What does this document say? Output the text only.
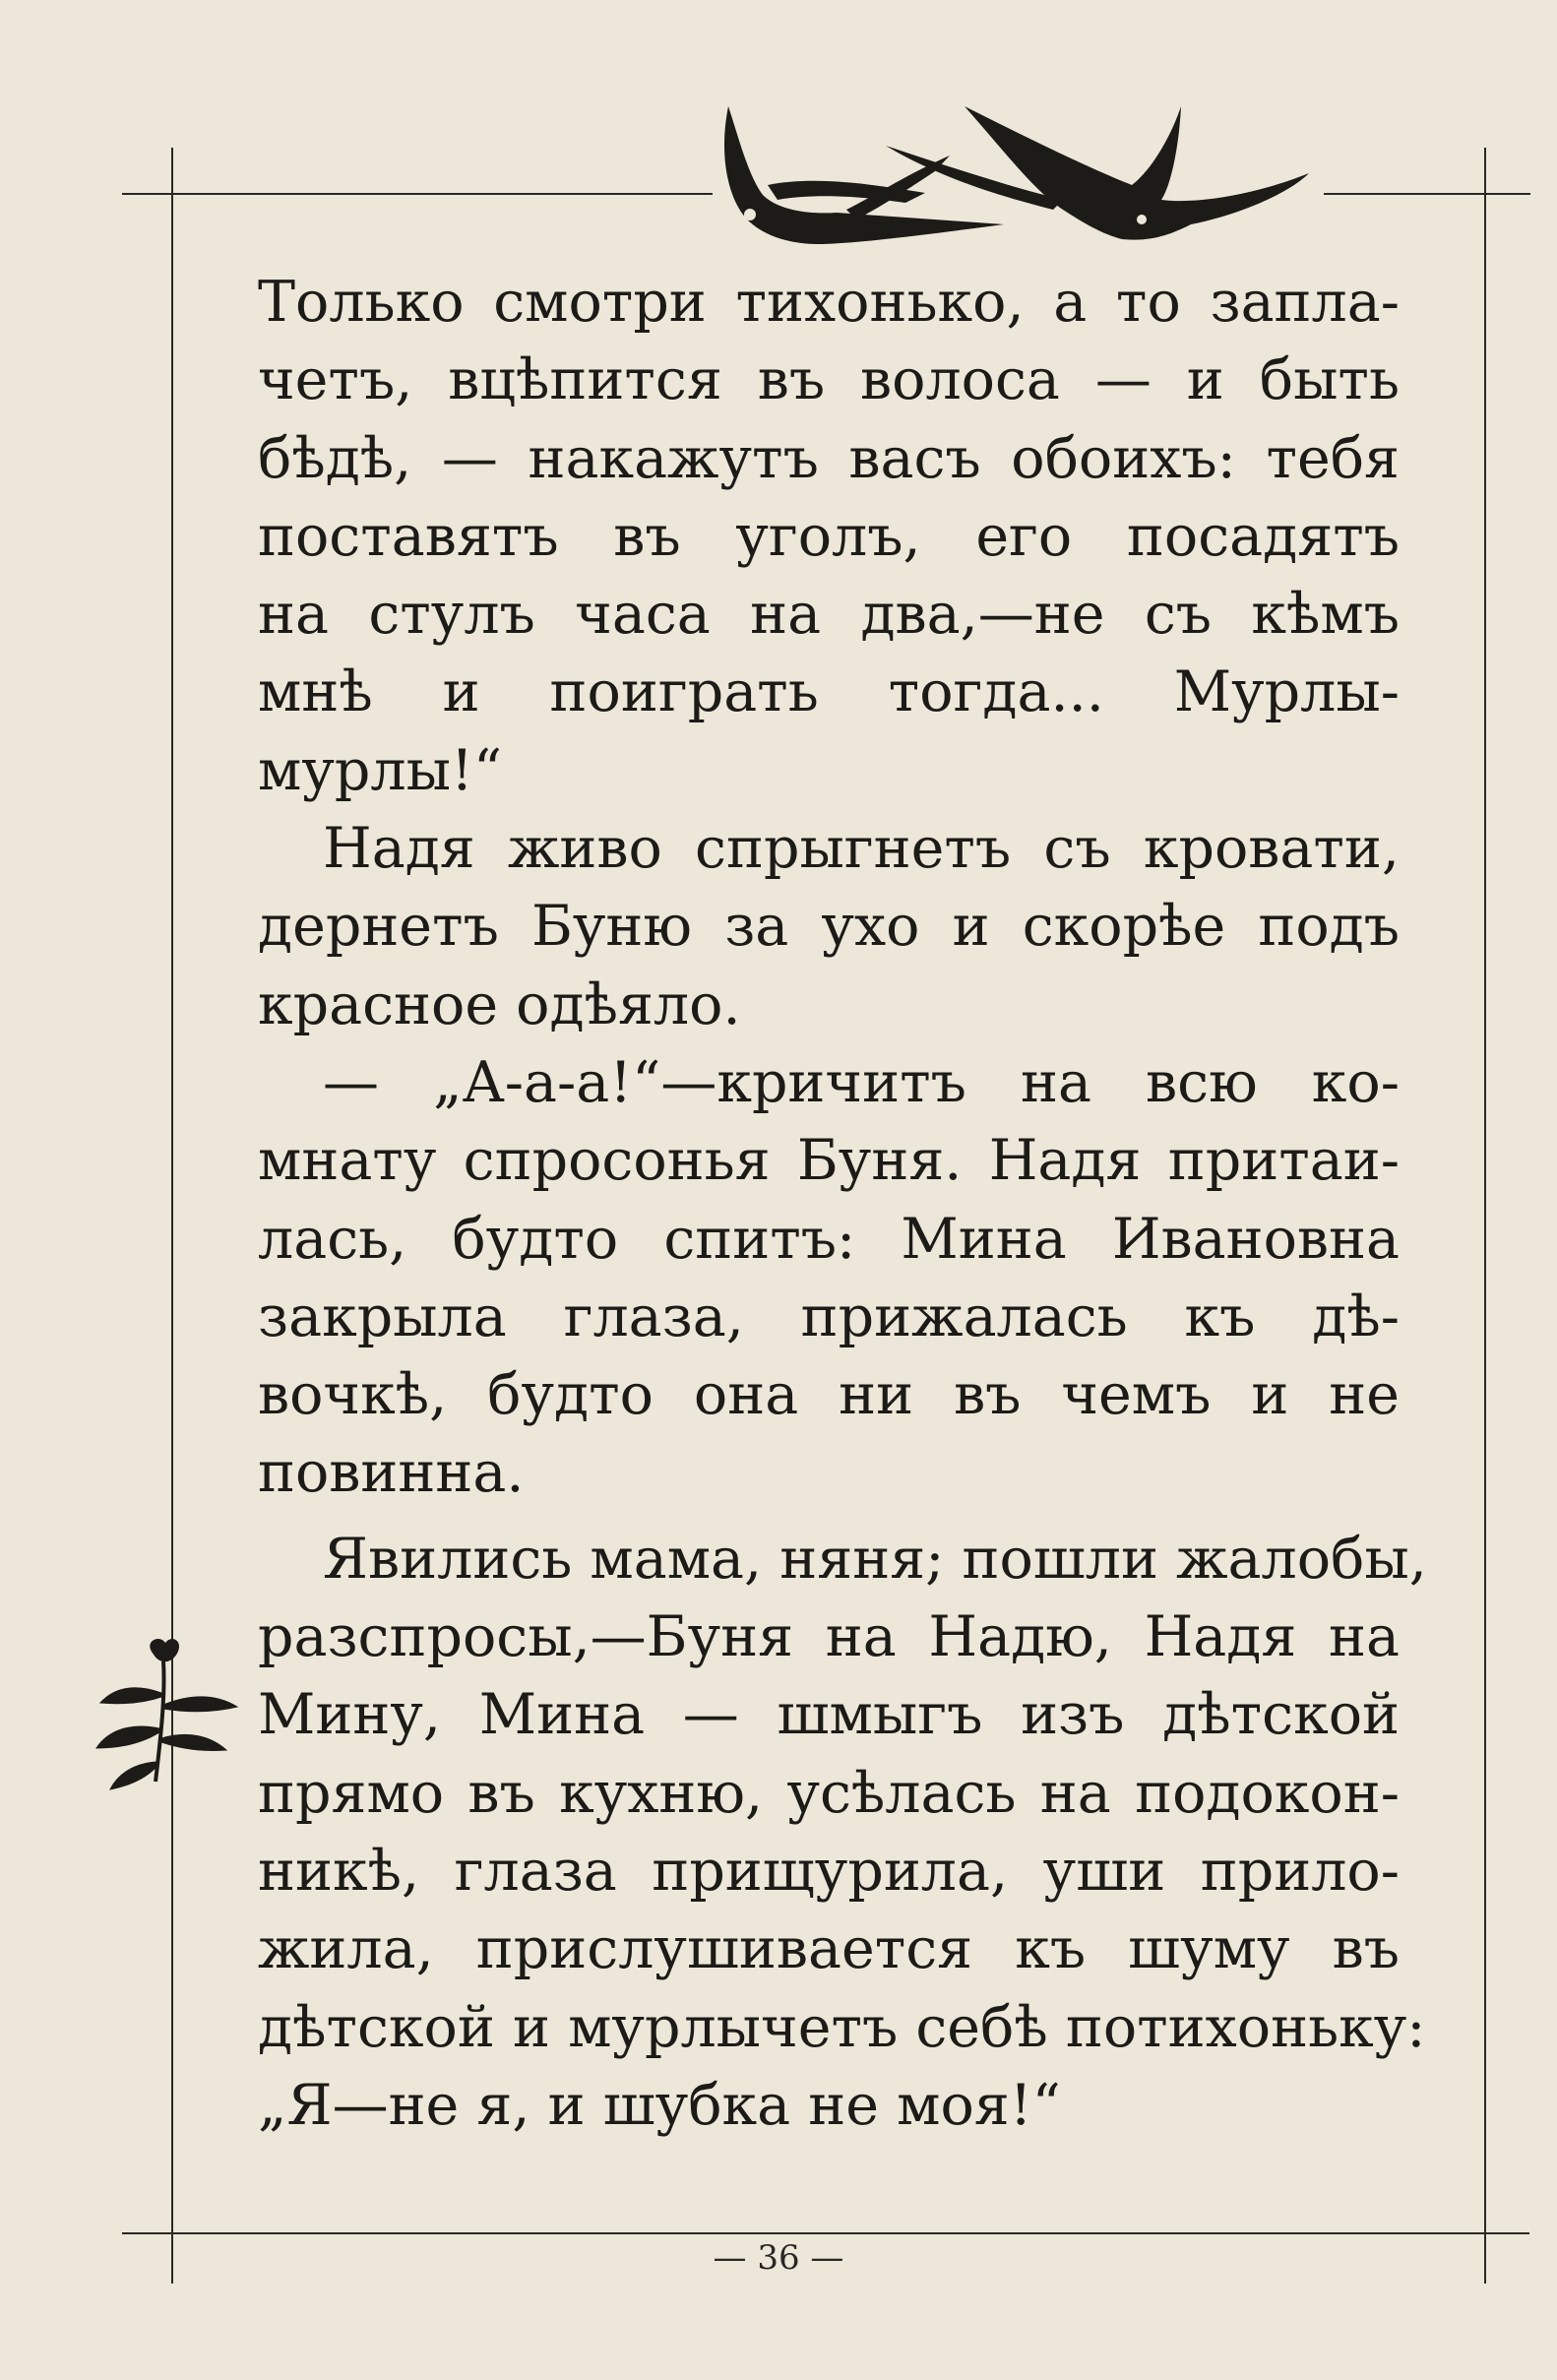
Только смотри тихонько, а то запла-
четъ, вцѣпится въ волоса — и быть
бѣдѣ, — накажутъ васъ обоихъ: тебя
поставятъ въ уголъ, его посадятъ
на стулъ часа на два,—не съ кѣмъ
мнѣ и поиграть тогда... Мурлы-
мурлы!“
Надя живо спрыгнетъ съ кровати,
дернетъ Буню за ухо и скорѣе подъ
красное одѣяло.
— „А-а-а!“—кричитъ на всю ко-
мнату спросонья Буня. Надя притаи-
лась, будто спитъ: Мина Ивановна
закрыла глаза, прижалась къ дѣ-
вочкѣ, будто она ни въ чемъ и не
повинна.
Явились мама, няня; пошли жалобы,
разспросы,—Буня на Надю, Надя на
Мину, Мина — шмыгъ изъ дѣтской
прямо въ кухню, усѣлась на подокон-
никѣ, глаза прищурила, уши прило-
жила, прислушивается къ шуму въ
дѣтской и мурлычетъ себѣ потихоньку:
„Я—не я, и шубка не моя!“
— 36 —
